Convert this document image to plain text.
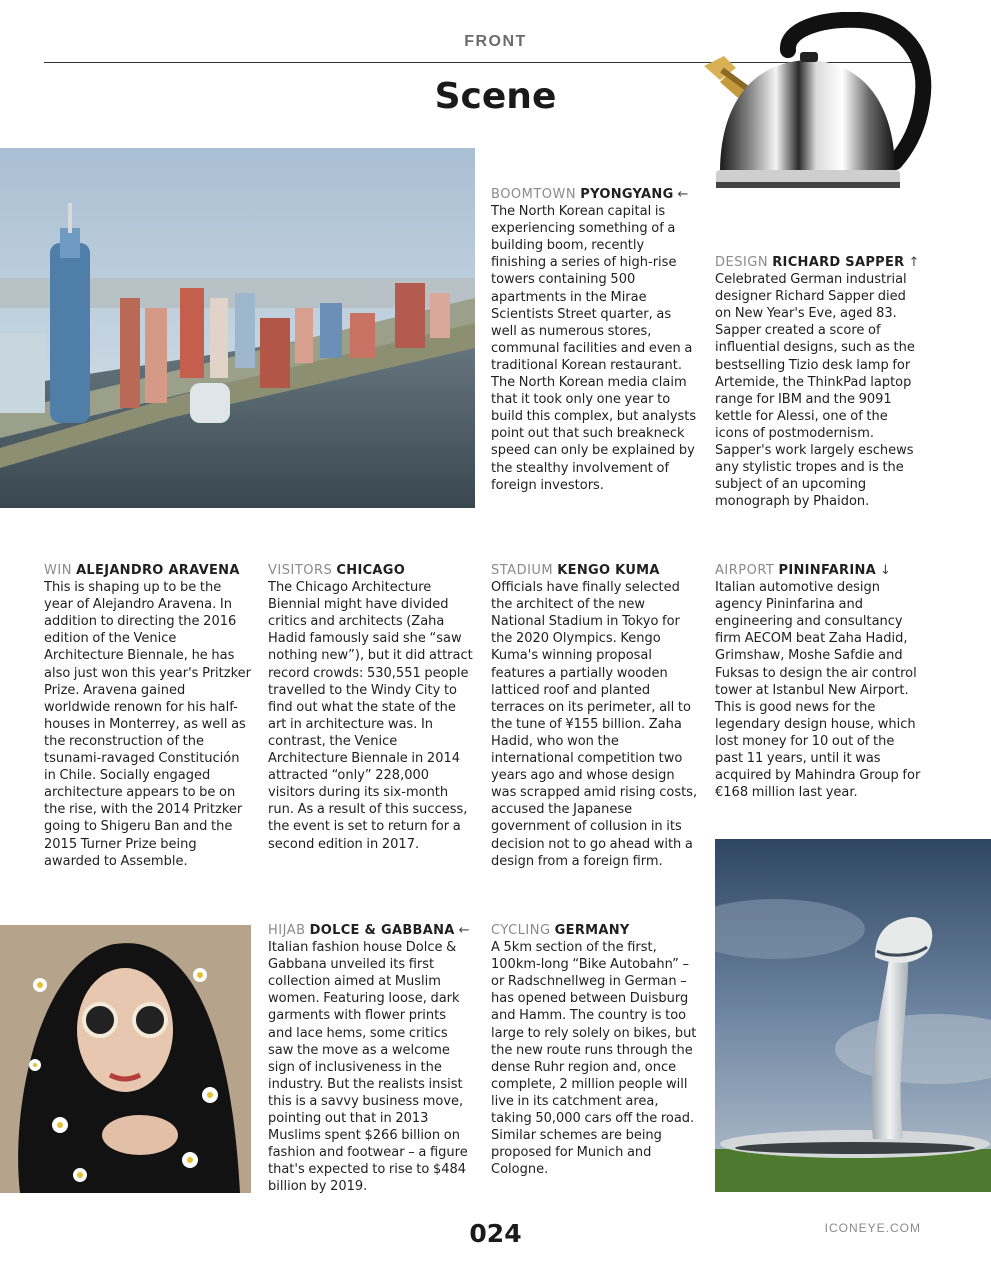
FRONT
Scene
BOOMTOWN PYONGYANG ←

The North Korean capital is experiencing something of a building boom, recently finishing a series of high-rise towers containing 500 apartments in the Mirae Scientists Street quarter, as well as numerous stores, communal facilities and even a traditional Korean restaurant. The North Korean media claim that it took only one year to build this complex, but analysts point out that such breakneck speed can only be explained by the stealthy involvement of foreign investors.

DESIGN RICHARD SAPPER ↑

Celebrated German industrial designer Richard Sapper died on New Year's Eve, aged 83. Sapper created a score of influential designs, such as the bestselling Tizio desk lamp for Artemide, the ThinkPad laptop range for IBM and the 9091 kettle for Alessi, one of the icons of postmodernism. Sapper's work largely eschews any stylistic tropes and is the subject of an upcoming monograph by Phaidon.

WIN ALEJANDRO ARAVENA

This is shaping up to be the year of Alejandro Aravena. In addition to directing the 2016 edition of the Venice Architecture Biennale, he has also just won this year's Pritzker Prize. Aravena gained worldwide renown for his half-houses in Monterrey, as well as the reconstruction of the tsunami-ravaged Constitución in Chile. Socially engaged architecture appears to be on the rise, with the 2014 Pritzker going to Shigeru Ban and the 2015 Turner Prize being awarded to Assemble.

VISITORS CHICAGO

The Chicago Architecture Biennial might have divided critics and architects (Zaha Hadid famously said she “saw nothing new”), but it did attract record crowds: 530,551 people travelled to the Windy City to find out what the state of the art in architecture was. In contrast, the Venice Architecture Biennale in 2014 attracted “only” 228,000 visitors during its six-month run. As a result of this success, the event is set to return for a second edition in 2017.

STADIUM KENGO KUMA

Officials have finally selected the architect of the new National Stadium in Tokyo for the 2020 Olympics. Kengo Kuma's winning proposal features a partially wooden latticed roof and planted terraces on its perimeter, all to the tune of ¥155 billion. Zaha Hadid, who won the international competition two years ago and whose design was scrapped amid rising costs, accused the Japanese government of collusion in its decision not to go ahead with a design from a foreign firm.

AIRPORT PININFARINA ↓

Italian automotive design agency Pininfarina and engineering and consultancy firm AECOM beat Zaha Hadid, Grimshaw, Moshe Safdie and Fuksas to design the air control tower at Istanbul New Airport. This is good news for the legendary design house, which lost money for 10 out of the past 11 years, until it was acquired by Mahindra Group for €168 million last year.

HIJAB DOLCE & GABBANA ←

Italian fashion house Dolce & Gabbana unveiled its first collection aimed at Muslim women. Featuring loose, dark garments with flower prints and lace hems, some critics saw the move as a welcome sign of inclusiveness in the industry. But the realists insist this is a savvy business move, pointing out that in 2013 Muslims spent $266 billion on fashion and footwear – a figure that's expected to rise to $484 billion by 2019.

CYCLING GERMANY

A 5km section of the first, 100km-long “Bike Autobahn” – or Radschnellweg in German – has opened between Duisburg and Hamm. The country is too large to rely solely on bikes, but the new route runs through the dense Ruhr region and, once complete, 2 million people will live in its catchment area, taking 50,000 cars off the road. Similar schemes are being proposed for Munich and Cologne.

024	ICONEYE.COM
